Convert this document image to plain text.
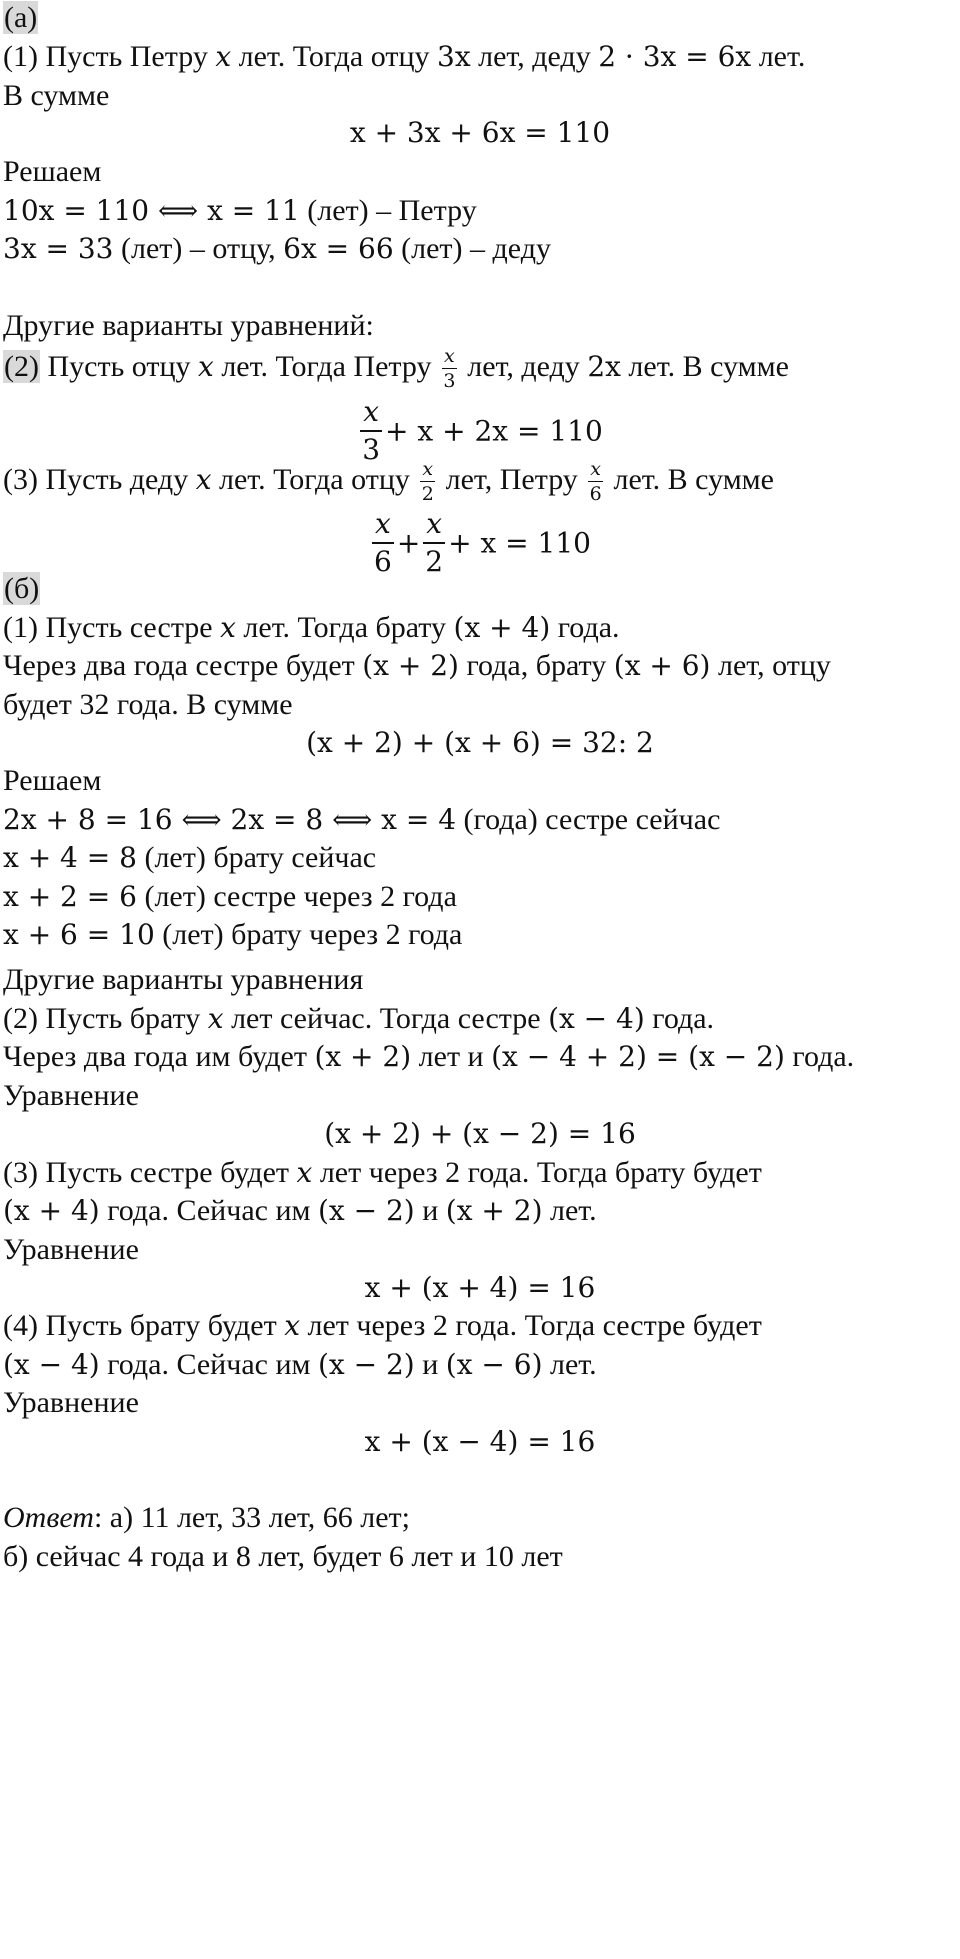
(а)
(1) Пусть Петру x лет. Тогда отцу 3x лет, деду 2 · 3x = 6x лет.
В сумме
x + 3x + 6x = 110
Решаем
10x = 110 ⟺ x = 11 (лет) – Петру
3x = 33 (лет) – отцу, 6x = 66 (лет) – деду
Другие варианты уравнений:
(2) Пусть отцу x лет. Тогда Петру $\frac{x}{3}$ лет, деду 2x лет. В сумме
$\frac{x}{3} + x + 2x = 110$
(3) Пусть деду x лет. Тогда отцу $\frac{x}{2}$ лет, Петру $\frac{x}{6}$ лет. В сумме
$\frac{x}{6} + \frac{x}{2} + x = 110$
(б)
(1) Пусть сестре x лет. Тогда брату (x + 4) года.
Через два года сестре будет (x + 2) года, брату (x + 6) лет, отцу
будет 32 года. В сумме
(x + 2) + (x + 6) = 32: 2
Решаем
2x + 8 = 16 ⟺ 2x = 8 ⟺ x = 4 (года) сестре сейчас
x + 4 = 8 (лет) брату сейчас
x + 2 = 6 (лет) сестре через 2 года
x + 6 = 10 (лет) брату через 2 года
Другие варианты уравнения
(2) Пусть брату x лет сейчас. Тогда сестре (x − 4) года.
Через два года им будет (x + 2) лет и (x − 4 + 2) = (x − 2) года.
Уравнение
(x + 2) + (x − 2) = 16
(3) Пусть сестре будет x лет через 2 года. Тогда брату будет
(x + 4) года. Сейчас им (x − 2) и (x + 2) лет.
Уравнение
x + (x + 4) = 16
(4) Пусть брату будет x лет через 2 года. Тогда сестре будет
(x − 4) года. Сейчас им (x − 2) и (x − 6) лет.
Уравнение
x + (x − 4) = 16
Ответ: а) 11 лет, 33 лет, 66 лет;
б) сейчас 4 года и 8 лет, будет 6 лет и 10 лет
